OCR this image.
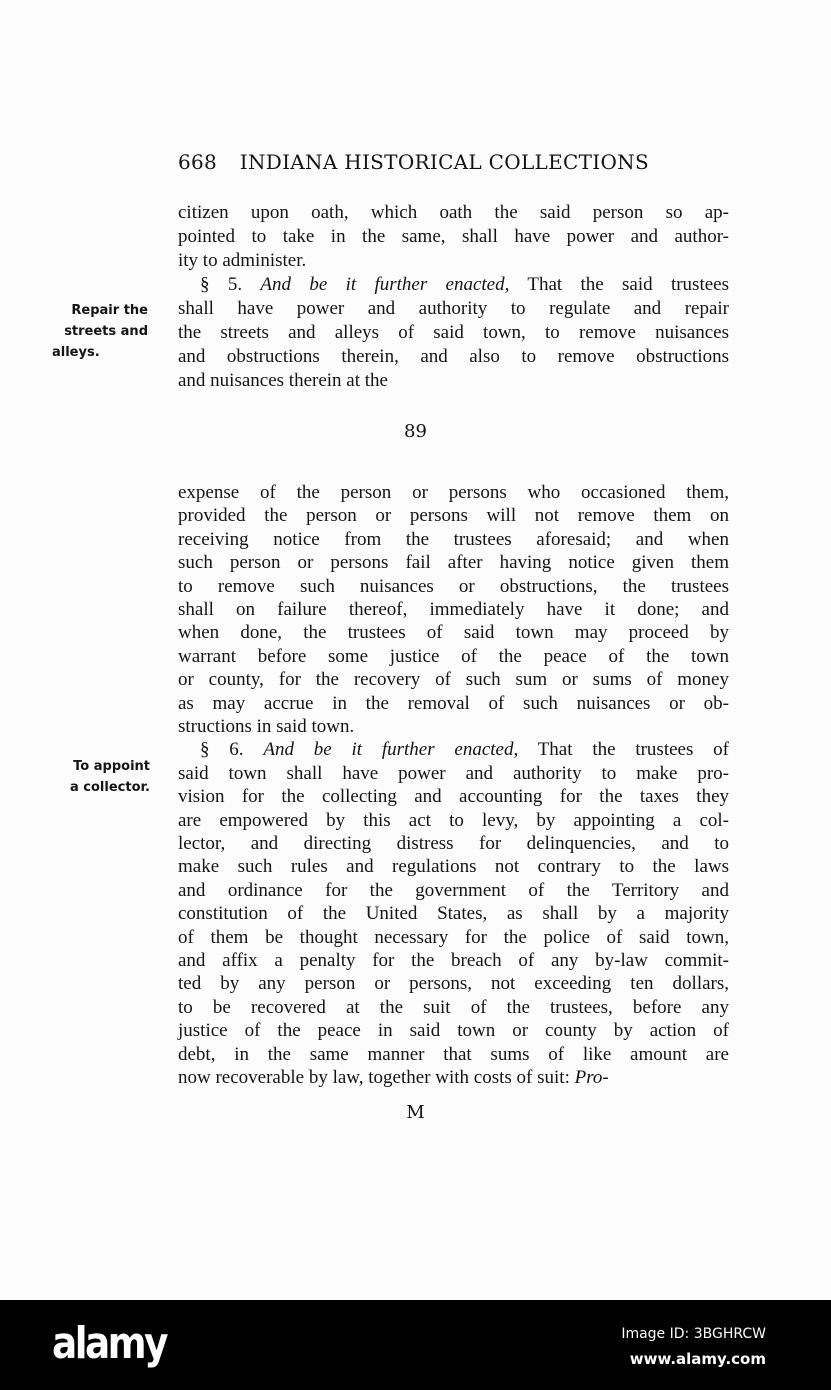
668 INDIANA HISTORICAL COLLECTIONS
citizen upon oath, which oath the said person so ap-
pointed to take in the same, shall have power and author-
ity to administer.
§ 5. And be it further enacted, That the said trustees
shall have power and authority to regulate and repair
the streets and alleys of said town, to remove nuisances
and obstructions therein, and also to remove obstructions
and nuisances therein at the
89
expense of the person or persons who occasioned them,
provided the person or persons will not remove them on
receiving notice from the trustees aforesaid; and when
such person or persons fail after having notice given them
to remove such nuisances or obstructions, the trustees
shall on failure thereof, immediately have it done; and
when done, the trustees of said town may proceed by
warrant before some justice of the peace of the town
or county, for the recovery of such sum or sums of money
as may accrue in the removal of such nuisances or ob-
structions in said town.
§ 6. And be it further enacted, That the trustees of
said town shall have power and authority to make pro-
vision for the collecting and accounting for the taxes they
are empowered by this act to levy, by appointing a col-
lector, and directing distress for delinquencies, and to
make such rules and regulations not contrary to the laws
and ordinance for the government of the Territory and
constitution of the United States, as shall by a majority
of them be thought necessary for the police of said town,
and affix a penalty for the breach of any by-law commit-
ted by any person or persons, not exceeding ten dollars,
to be recovered at the suit of the trustees, before any
justice of the peace in said town or county by action of
debt, in the same manner that sums of like amount are
now recoverable by law, together with costs of suit: Pro-
M
Repair the
streets and
alleys.
To appoint
a collector.
alamy	Image ID: 3BGHRCW
www.alamy.com
